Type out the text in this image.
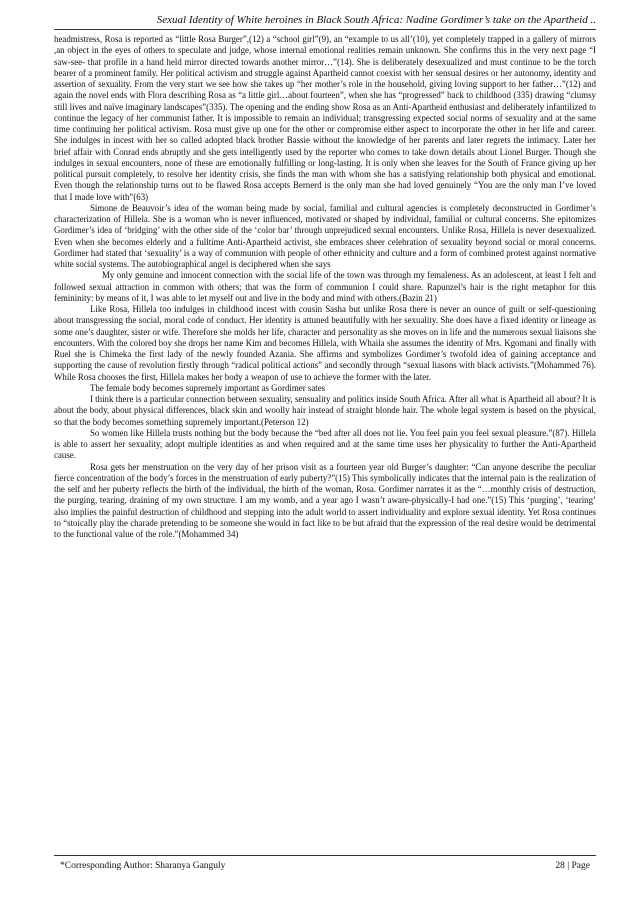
Sexual Identity of White heroines in Black South Africa: Nadine Gordimer’s take on the Apartheid ..

headmistress, Rosa is reported as “little Rosa Burger”,(12) a “school girl”(9), an “example to us all’(10), yet completely trapped in a gallery of mirrors ,an object in the eyes of others to speculate and judge, whose internal emotional realities remain unknown. She confirms this in the very next page “I saw-see- that profile in a hand held mirror directed towards another mirror…”(14). She is deliberately desexualized and must continue to be the torch bearer of a prominent family. Her political activism and struggle against Apartheid cannot coexist with her sensual desires or her autonomy, identity and assertion of sexuality. From the very start we see how she takes up “her mother’s role in the household, giving loving support to her father…”(12) and again the novel ends with Flora describing Rosa as “a little girl…about fourteen”, when she has “progressed” back to childhood (335) drawing “clumsy still lives and naïve imaginary landscapes”(335). The opening and the ending show Rosa as an Anti-Apartheid enthusiast and deliberately infantilized to continue the legacy of her communist father. It is impossible to remain an individual; transgressing expected social norms of sexuality and at the same time continuing her political activism. Rosa must give up one for the other or compromise either aspect to incorporate the other in her life and career. She indulges in incest with her so called adopted black brother Bassie without the knowledge of her parents and later regrets the intimacy. Later her brief affair with Conrad ends abruptly and she gets intelligently used by the reporter who comes to take down details about Lionel Burger. Though she indulges in sexual encounters, none of these are emotionally fulfilling or long-lasting. It is only when she leaves for the South of France giving up her political pursuit completely, to resolve her identity crisis, she finds the man with whom she has a satisfying relationship both physical and emotional. Even though the relationship turns out to be flawed Rosa accepts Bernerd is the only man she had loved genuinely “You are the only man I’ve loved that I made love with”(63)

Simone de Beauvoir’s idea of the woman being made by social, familial and cultural agencies is completely deconstructed in Gordimer’s characterization of Hillela. She is a woman who is never influenced, motivated or shaped by individual, familial or cultural concerns. She epitomizes Gordimer’s idea of ‘bridging’ with the other side of the ‘color bar’ through unprejudiced sexual encounters. Unlike Rosa, Hillela is never desexualized. Even when she becomes elderly and a fulltime Anti-Apartheid activist, she embraces sheer celebration of sexuality beyond social or moral concerns. Gordimer had stated that ‘sexuality’ is a way of communion with people of other ethnicity and culture and a form of combined protest against normative white social systems. The autobiographical angel is deciphered when she says

My only genuine and innocent connection with the social life of the town was through my femaleness. As an adolescent, at least I felt and followed sexual attraction in common with others; that was the form of communion I could share. Rapunzel’s hair is the right metaphor for this femininity: by means of it, I was able to let myself out and live in the body and mind with others.(Bazin 21)

Like Rosa, Hillela too indulges in childhood incest with cousin Sasha but unlike Rosa there is never an ounce of guilt or self-questioning about transgressing the social, moral code of conduct. Her identity is attuned beautifully with her sexuality. She does have a fixed identity or lineage as some one’s daughter, sister or wife. Therefore she molds her life, character and personality as she moves on in life and the numerous sexual liaisons she encounters. With the colored boy she drops her name Kim and becomes Hillela, with Whaila she assumes the identity of Mrs. Kgomani and finally with Ruel she is Chimeka the first lady of the newly founded Azania. She affirms and symbolizes Gordimer’s twofold idea of gaining acceptance and supporting the cause of revolution firstly through “radical political actions” and secondly through “sexual liasons with black activists.”(Mohammed 76). While Rosa chooses the first, Hillela makes her body a weapon of use to achieve the former with the later.

The female body becomes supremely important as Gordimer sates

I think there is a particular connection between sexuality, sensuality and politics inside South Africa. After all what is Apartheid all about? It is about the body, about physical differences, black skin and woolly hair instead of straight blonde hair. The whole legal system is based on the physical, so that the body becomes something supremely important.(Peterson 12)

So women like Hillela trusts nothing but the body because the “bed after all does not lie. You feel pain you feel sexual pleasure.”(87). Hillela is able to assert her sexuality, adopt multiple identities as and when required and at the same time uses her physicality to further the Anti-Apartheid cause.

Rosa gets her menstruation on the very day of her prison visit as a fourteen year old Burger’s daughter: “Can anyone describe the peculiar fierce concentration of the body’s forces in the menstruation of early puberty?”(15) This symbolically indicates that the internal pain is the realization of the self and her puberty reflects the birth of the individual, the birth of the woman, Rosa. Gordimer narrates it as the “…monthly crisis of destruction, the purging, tearing, draining of my own structure. I am my womb, and a year ago I wasn’t aware-physically-I had one.”(15) This ‘purging’, ‘tearing’ also implies the painful destruction of childhood and stepping into the adult world to assert individuality and explore sexual identity. Yet Rosa continues to “stoically play the charade pretending to be someone she would in fact like to be but afraid that the expression of the real desire would be detrimental to the functional value of the role.”(Mohammed 34)

*Corresponding Author: Sharanya Ganguly	28 | Page
